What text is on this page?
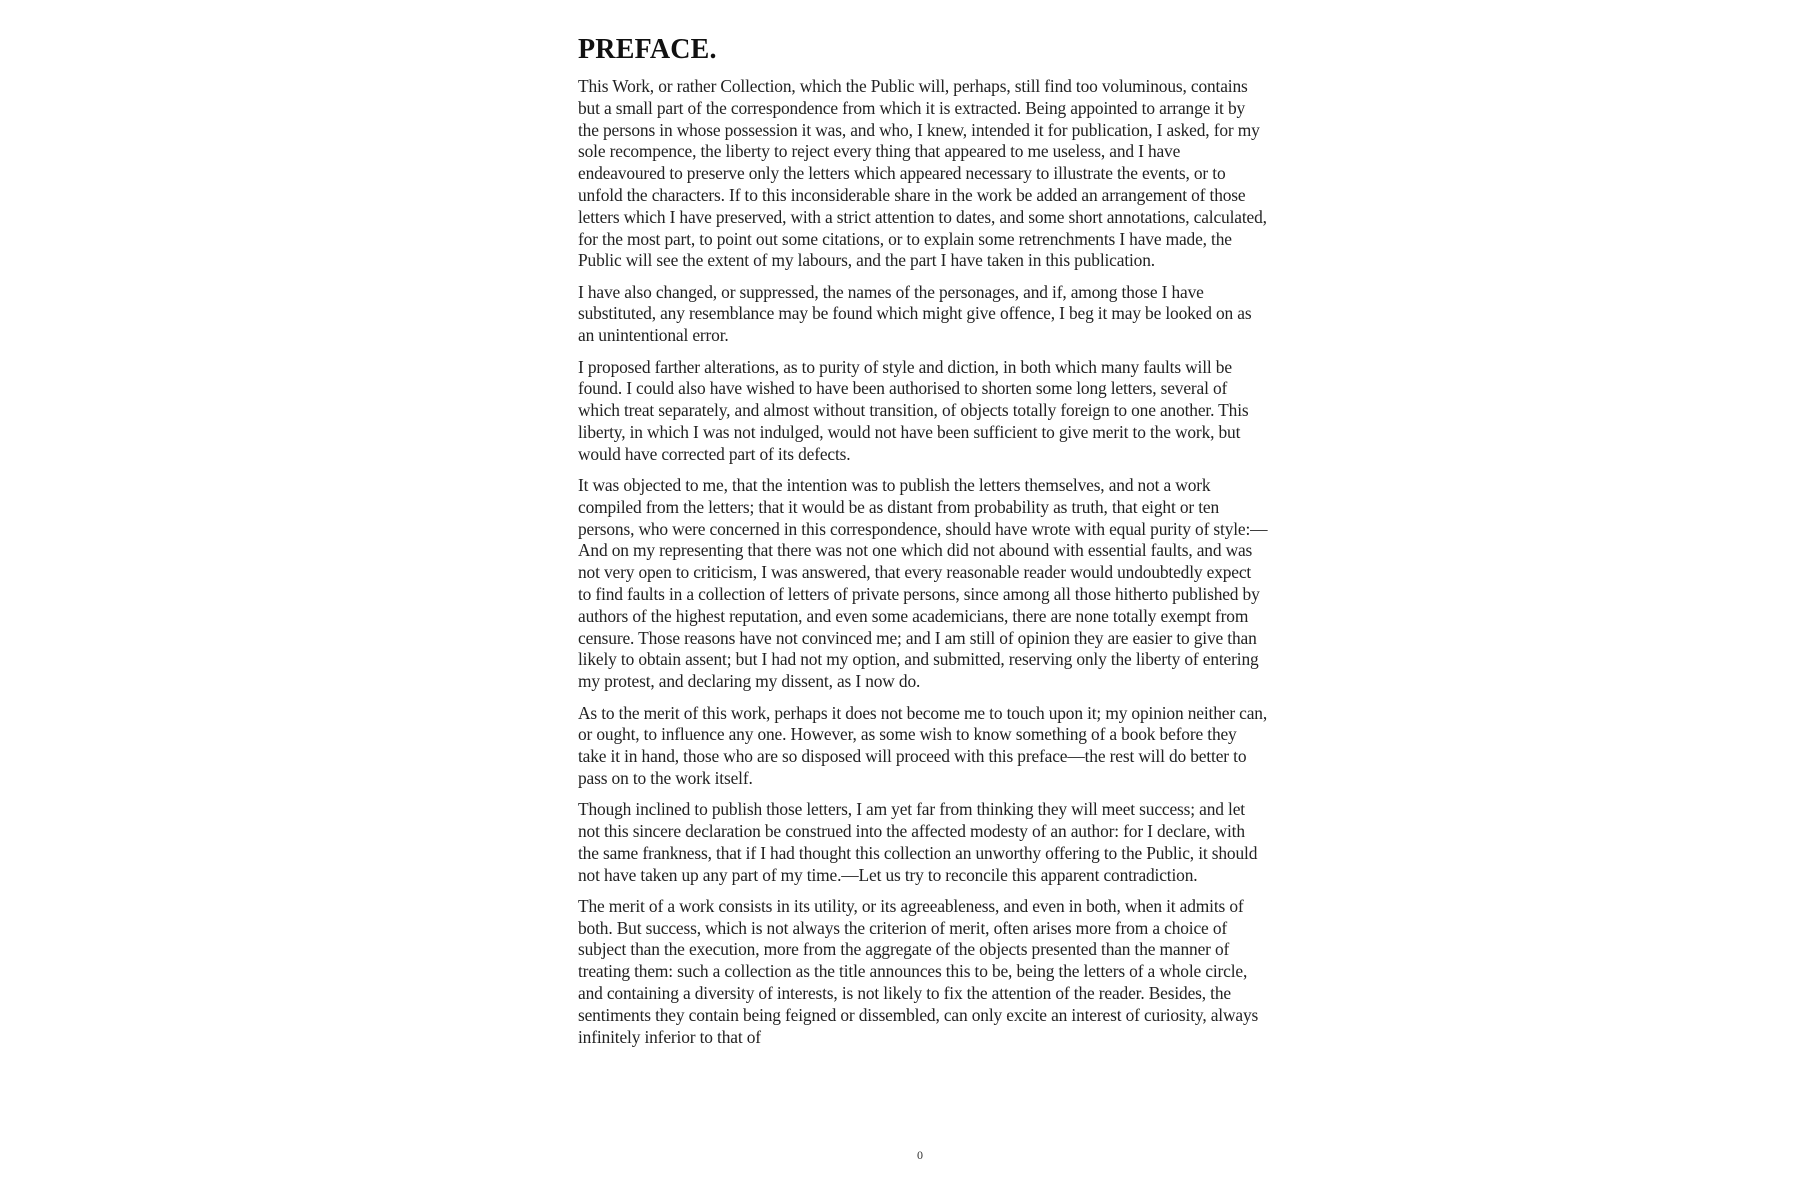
PREFACE.

This Work, or rather Collection, which the Public will, perhaps, still find too voluminous, contains but a small part of the correspondence from which it is extracted. Being appointed to arrange it by the persons in whose possession it was, and who, I knew, intended it for publication, I asked, for my sole recompence, the liberty to reject every thing that appeared to me useless, and I have endeavoured to preserve only the letters which appeared necessary to illustrate the events, or to unfold the characters. If to this inconsiderable share in the work be added an arrangement of those letters which I have preserved, with a strict attention to dates, and some short annotations, calculated, for the most part, to point out some citations, or to explain some retrenchments I have made, the Public will see the extent of my labours, and the part I have taken in this publication.

I have also changed, or suppressed, the names of the personages, and if, among those I have substituted, any resemblance may be found which might give offence, I beg it may be looked on as an unintentional error.

I proposed farther alterations, as to purity of style and diction, in both which many faults will be found. I could also have wished to have been authorised to shorten some long letters, several of which treat separately, and almost without transition, of objects totally foreign to one another. This liberty, in which I was not indulged, would not have been sufficient to give merit to the work, but would have corrected part of its defects.

It was objected to me, that the intention was to publish the letters themselves, and not a work compiled from the letters; that it would be as distant from probability as truth, that eight or ten persons, who were concerned in this correspondence, should have wrote with equal purity of style:—And on my representing that there was not one which did not abound with essential faults, and was not very open to criticism, I was answered, that every reasonable reader would undoubtedly expect to find faults in a collection of letters of private persons, since among all those hitherto published by authors of the highest reputation, and even some academicians, there are none totally exempt from censure. Those reasons have not convinced me; and I am still of opinion they are easier to give than likely to obtain assent; but I had not my option, and submitted, reserving only the liberty of entering my protest, and declaring my dissent, as I now do.

As to the merit of this work, perhaps it does not become me to touch upon it; my opinion neither can, or ought, to influence any one. However, as some wish to know something of a book before they take it in hand, those who are so disposed will proceed with this preface—the rest will do better to pass on to the work itself.

Though inclined to publish those letters, I am yet far from thinking they will meet success; and let not this sincere declaration be construed into the affected modesty of an author: for I declare, with the same frankness, that if I had thought this collection an unworthy offering to the Public, it should not have taken up any part of my time.—Let us try to reconcile this apparent contradiction.

The merit of a work consists in its utility, or its agreeableness, and even in both, when it admits of both. But success, which is not always the criterion of merit, often arises more from a choice of subject than the execution, more from the aggregate of the objects presented than the manner of treating them: such a collection as the title announces this to be, being the letters of a whole circle, and containing a diversity of interests, is not likely to fix the attention of the reader. Besides, the sentiments they contain being feigned or dissembled, can only excite an interest of curiosity, always infinitely inferior to that of

0
